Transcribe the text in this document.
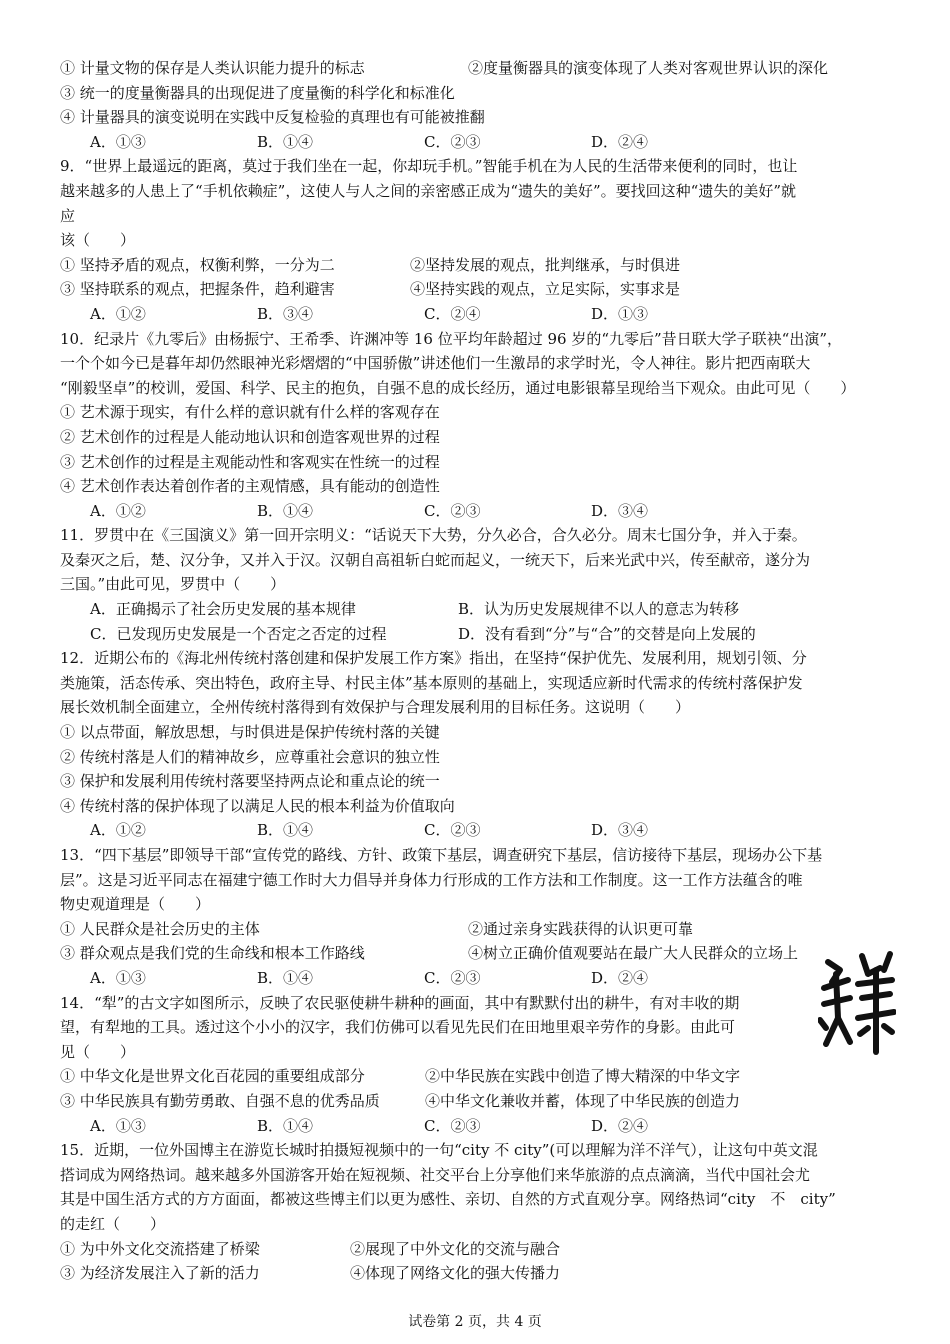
① 计量文物的保存是人类认识能力提升的标志	②度量衡器具的演变体现了人类对客观世界认识的深化
③ 统一的度量衡器具的出现促进了度量衡的科学化和标准化
④ 计量器具的演变说明在实践中反复检验的真理也有可能被推翻
A．①③	B．①④	C．②③	D．②④
9．“世界上最遥远的距离，莫过于我们坐在一起，你却玩手机。”智能手机在为人民的生活带来便利的同时，也让
越来越多的人患上了“手机依赖症”，这使人与人之间的亲密感正成为“遗失的美好”。要找回这种“遗失的美好”就
应
该（　　）
① 坚持矛盾的观点，权衡利弊，一分为二	②坚持发展的观点，批判继承，与时俱进
③ 坚持联系的观点，把握条件，趋利避害	④坚持实践的观点，立足实际，实事求是
A．①②	B．③④	C．②④	D．①③
10．纪录片《九零后》由杨振宁、王希季、许渊冲等 16 位平均年龄超过 96 岁的“九零后”昔日联大学子联袂“出演”，
一个个如今已是暮年却仍然眼神光彩熠熠的“中国骄傲”讲述他们一生激昂的求学时光，令人神往。影片把西南联大
“刚毅坚卓”的校训，爱国、科学、民主的抱负，自强不息的成长经历，通过电影银幕呈现给当下观众。由此可见（　　）
① 艺术源于现实，有什么样的意识就有什么样的客观存在
② 艺术创作的过程是人能动地认识和创造客观世界的过程
③ 艺术创作的过程是主观能动性和客观实在性统一的过程
④ 艺术创作表达着创作者的主观情感，具有能动的创造性
A．①②	B．①④	C．②③	D．③④
11．罗贯中在《三国演义》第一回开宗明义：“话说天下大势，分久必合，合久必分。周末七国分争，并入于秦。
及秦灭之后，楚、汉分争，又并入于汉。汉朝自高祖斩白蛇而起义，一统天下，后来光武中兴，传至献帝，遂分为
三国。”由此可见，罗贯中（　　）
A．正确揭示了社会历史发展的基本规律	B．认为历史发展规律不以人的意志为转移
C．已发现历史发展是一个否定之否定的过程	D．没有看到“分”与“合”的交替是向上发展的
12．近期公布的《海北州传统村落创建和保护发展工作方案》指出，在坚持“保护优先、发展利用，规划引领、分
类施策，活态传承、突出特色，政府主导、村民主体”基本原则的基础上，实现适应新时代需求的传统村落保护发
展长效机制全面建立，全州传统村落得到有效保护与合理发展利用的目标任务。这说明（　　）
① 以点带面，解放思想，与时俱进是保护传统村落的关键
② 传统村落是人们的精神故乡，应尊重社会意识的独立性
③ 保护和发展利用传统村落要坚持两点论和重点论的统一
④ 传统村落的保护体现了以满足人民的根本利益为价值取向
A．①②	B．①④	C．②③	D．③④
13．“四下基层”即领导干部“宣传党的路线、方针、政策下基层，调查研究下基层，信访接待下基层，现场办公下基
层”。这是习近平同志在福建宁德工作时大力倡导并身体力行形成的工作方法和工作制度。这一工作方法蕴含的唯
物史观道理是（　　）
① 人民群众是社会历史的主体	②通过亲身实践获得的认识更可靠
③ 群众观点是我们党的生命线和根本工作路线	④树立正确价值观要站在最广大人民群众的立场上
A．①③	B．①④	C．②③	D．②④
14．“犁”的古文字如图所示，反映了农民驱使耕牛耕种的画面，其中有默默付出的耕牛，有对丰收的期
望，有犁地的工具。透过这个小小的汉字，我们仿佛可以看见先民们在田地里艰辛劳作的身影。由此可
见（　　）
① 中华文化是世界文化百花园的重要组成部分	②中华民族在实践中创造了博大精深的中华文字
③ 中华民族具有勤劳勇敢、自强不息的优秀品质	④中华文化兼收并蓄，体现了中华民族的创造力
A．①③	B．①④	C．②③	D．②④
15．近期，一位外国博主在游览长城时拍摄短视频中的一句“city 不 city”(可以理解为洋不洋气），让这句中英文混
搭词成为网络热词。越来越多外国游客开始在短视频、社交平台上分享他们来华旅游的点点滴滴，当代中国社会尤
其是中国生活方式的方方面面，都被这些博主们以更为感性、亲切、自然的方式直观分享。网络热词“city　不　city”
的走红（　　）
① 为中外文化交流搭建了桥梁	②展现了中外文化的交流与融合
③ 为经济发展注入了新的活力	④体现了网络文化的强大传播力
试卷第 2 页，共 4 页
